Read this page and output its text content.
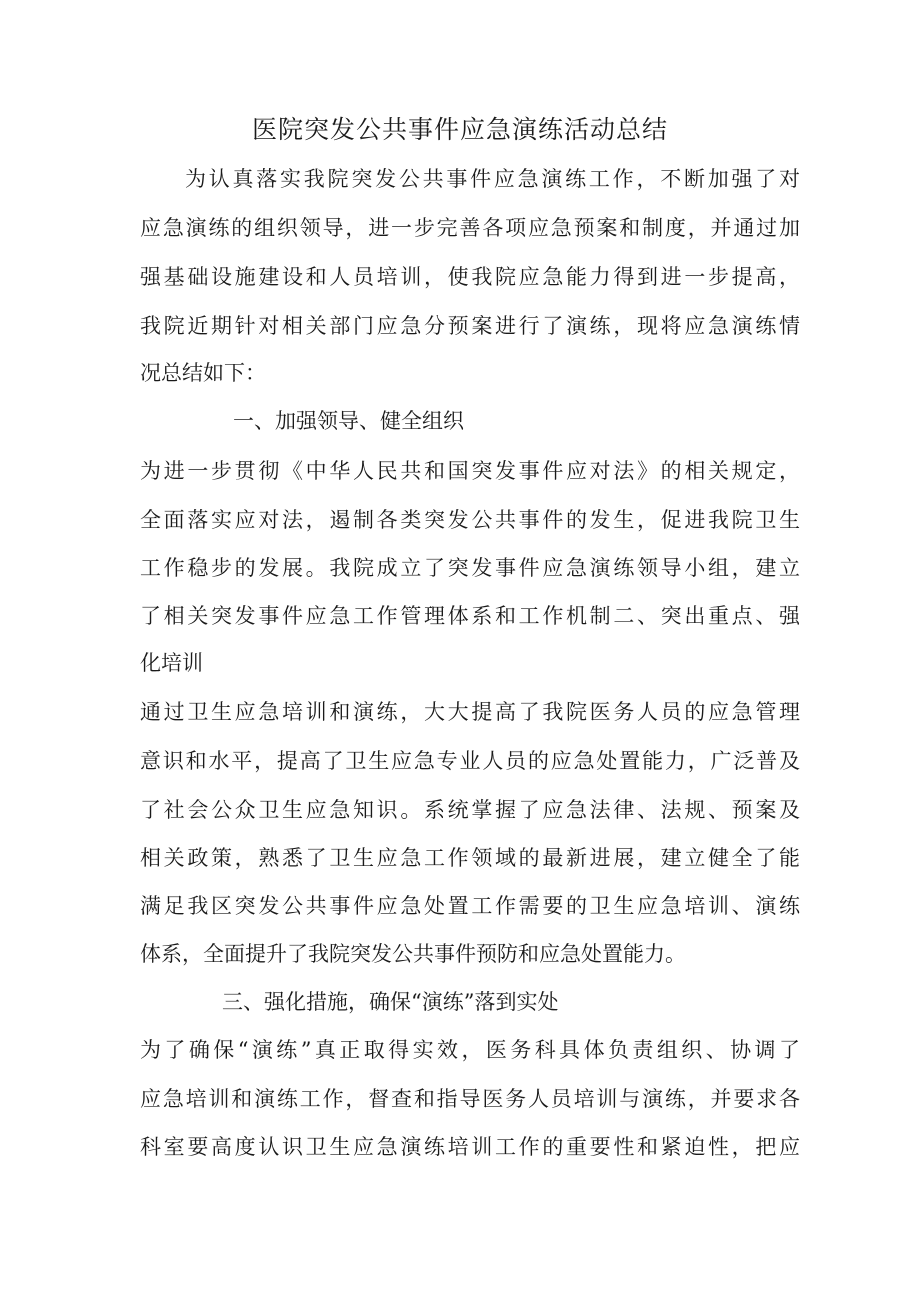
医院突发公共事件应急演练活动总结

为认真落实我院突发公共事件应急演练工作，不断加强了对

应急演练的组织领导，进一步完善各项应急预案和制度，并通过加

强基础设施建设和人员培训，使我院应急能力得到进一步提高，

我院近期针对相关部门应急分预案进行了演练，现将应急演练情

况总结如下：

一、加强领导、健全组织

为进一步贯彻《中华人民共和国突发事件应对法》的相关规定，

全面落实应对法，遏制各类突发公共事件的发生，促进我院卫生

工作稳步的发展。我院成立了突发事件应急演练领导小组，建立

了相关突发事件应急工作管理体系和工作机制二、突出重点、强

化培训

通过卫生应急培训和演练，大大提高了我院医务人员的应急管理

意识和水平，提高了卫生应急专业人员的应急处置能力，广泛普及

了社会公众卫生应急知识。系统掌握了应急法律、法规、预案及

相关政策，熟悉了卫生应急工作领域的最新进展，建立健全了能

满足我区突发公共事件应急处置工作需要的卫生应急培训、演练

体系，全面提升了我院突发公共事件预防和应急处置能力。

三、强化措施，确保“演练”落到实处

为了确保“演练”真正取得实效，医务科具体负责组织、协调了

应急培训和演练工作，督查和指导医务人员培训与演练，并要求各

科室要高度认识卫生应急演练培训工作的重要性和紧迫性，把应
